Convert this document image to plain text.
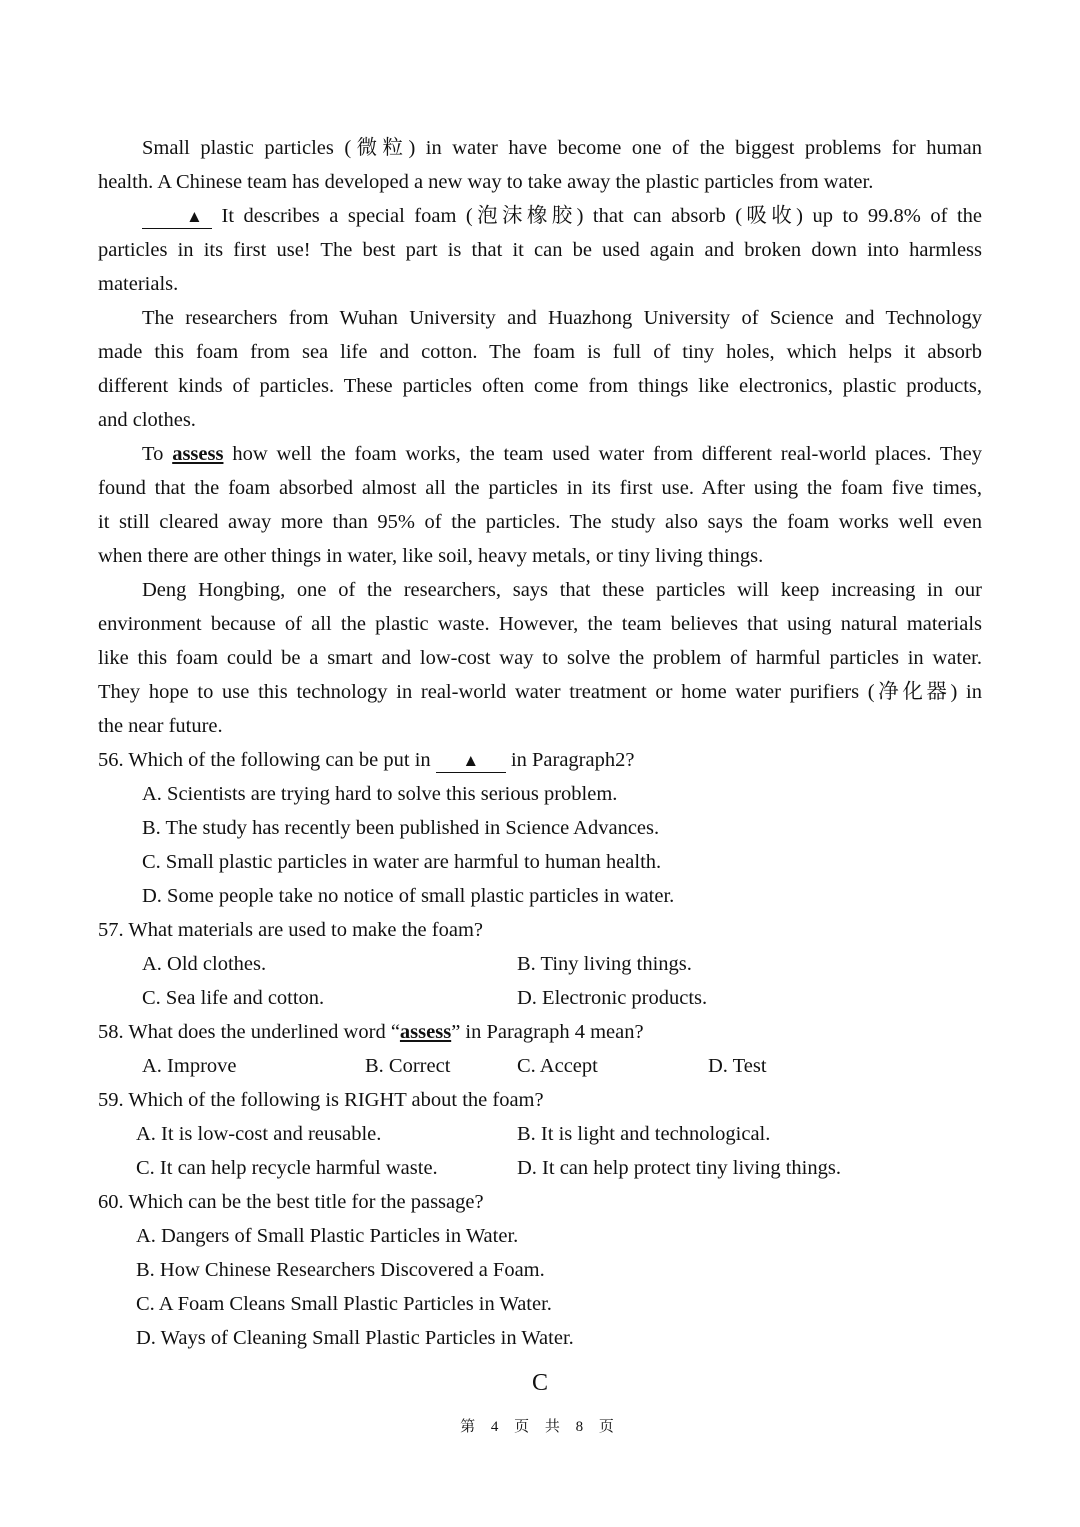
Small plastic particles (微粒) in water have become one of the biggest problems for human
health. A Chinese team has developed a new way to take away the plastic particles from water.
▲ It describes a special foam (泡沫橡胶) that can absorb (吸收) up to 99.8% of the
particles in its first use! The best part is that it can be used again and broken down into harmless
materials.
The researchers from Wuhan University and Huazhong University of Science and Technology
made this foam from sea life and cotton. The foam is full of tiny holes, which helps it absorb
different kinds of particles. These particles often come from things like electronics, plastic products,
and clothes.
To assess how well the foam works, the team used water from different real-world places. They
found that the foam absorbed almost all the particles in its first use. After using the foam five times,
it still cleared away more than 95% of the particles. The study also says the foam works well even
when there are other things in water, like soil, heavy metals, or tiny living things.
Deng Hongbing, one of the researchers, says that these particles will keep increasing in our
environment because of all the plastic waste. However, the team believes that using natural materials
like this foam could be a smart and low-cost way to solve the problem of harmful particles in water.
They hope to use this technology in real-world water treatment or home water purifiers (净化器) in
the near future.
56. Which of the following can be put in ▲ in Paragraph2?
A. Scientists are trying hard to solve this serious problem.
B. The study has recently been published in Science Advances.
C. Small plastic particles in water are harmful to human health.
D. Some people take no notice of small plastic particles in water.
57. What materials are used to make the foam?
A. Old clothes.	B. Tiny living things.
C. Sea life and cotton.	D. Electronic products.
58. What does the underlined word “assess” in Paragraph 4 mean?
A. Improve	B. Correct	C. Accept	D. Test
59. Which of the following is RIGHT about the foam?
A. It is low-cost and reusable.	B. It is light and technological.
C. It can help recycle harmful waste.	D. It can help protect tiny living things.
60. Which can be the best title for the passage?
A. Dangers of Small Plastic Particles in Water.
B. How Chinese Researchers Discovered a Foam.
C. A Foam Cleans Small Plastic Particles in Water.
D. Ways of Cleaning Small Plastic Particles in Water.
C
第 4 页 共 8 页
